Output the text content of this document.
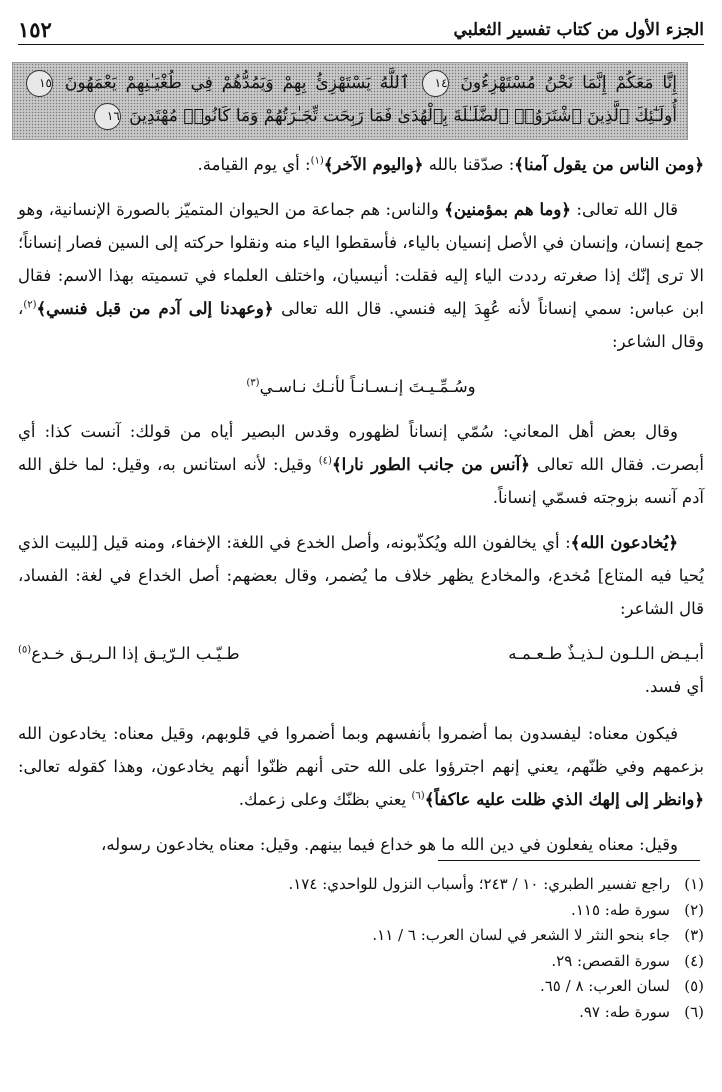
الجزء الأول من كتاب تفسير الثعلبي
١٥٢
إِنَّا مَعَكُمْ إِنَّمَا نَحْنُ مُسْتَهْزِءُونَ ١٤ ٱللَّهُ يَسْتَهْزِئُ بِهِمْ وَيَمُدُّهُمْ فِي طُغْيَـٰنِهِمْ يَعْمَهُونَ ١٥ أُولَـٰٓئِكَ ٱلَّذِينَ ٱشْتَرَوُا۟ ٱلضَّلَـٰلَةَ بِٱلْهُدَىٰ فَمَا رَبِحَت تِّجَـٰرَتُهُمْ وَمَا كَانُوا۟ مُهْتَدِينَ ١٦

﴿ومن الناس من يقول آمنا﴾: صدّقنا بالله ﴿واليوم الآخر﴾$^{(١)}$: أي يوم القيامة.

قال الله تعالى: ﴿وما هم بمؤمنين﴾ والناس: هم جماعة من الحيوان المتميّز بالصورة الإنسانية، وهو جمع إنسان، وإنسان في الأصل إنسيان بالياء، فأسقطوا الياء منه ونقلوا حركته إلى السين فصار إنساناً؛ الا ترى إنّك إذا صغرته رددت الياء إليه فقلت: أنيسيان، واختلف العلماء في تسميته بهذا الاسم: فقال ابن عباس: سمي إنساناً لأنه عُهِدَ إليه فنسي. قال الله تعالى ﴿وعهدنا إلى آدم من قبل فنسي﴾$^{(٢)}$، وقال الشاعر:

وسُـمِّـيـتَ إنـسـانـاً لأنـك نـاسـي$^{(٣)}$

وقال بعض أهل المعاني: سُمّي إنساناً لظهوره وقدس البصير أياه من قولك: آنست كذا: أي أبصرت. فقال الله تعالى ﴿آنس من جانب الطور نارا﴾$^{(٤)}$ وقيل: لأنه استانس به، وقيل: لما خلق الله آدم آنسه بزوجته فسمّي إنساناً.

﴿يُخادعون الله﴾: أي يخالفون الله ويُكذّبونه، وأصل الخدع في اللغة: الإخفاء، ومنه قيل [للبيت الذي يُحيا فيه المتاع] مُخدع، والمخادع يظهر خلاف ما يُضمر، وقال بعضهم: أصل الخداع في لغة: الفساد، قال الشاعر:

أبـيـض الـلـون لـذيـذٌ طـعـمـه
طـيّـب الـرّيـق إذا الـريـق خـدع$^{(٥)}$

أي فسد.

فيكون معناه: ليفسدون بما أضمروا بأنفسهم وبما أضمروا في قلوبهم، وقيل معناه: يخادعون الله بزعمهم وفي ظنّهم، يعني إنهم اجترؤوا على الله حتى أنهم ظنّوا أنهم يخادعون، وهذا كقوله تعالى: ﴿وانظر إلى إلهك الذي ظلت عليه عاكفاً﴾$^{(٦)}$ يعني بظنّك وعلى زعمك.

وقيل: معناه يفعلون في دين الله ما هو خداع فيما بينهم. وقيل: معناه يخادعون رسوله،

(١)
راجع تفسير الطبري: ١٠ / ٢٤٣؛ وأسباب النزول للواحدي: ١٧٤.
(٢)
سورة طه: ١١٥.
(٣)
جاء بنحو النثر لا الشعر في لسان العرب: ٦ / ١١.
(٤)
سورة القصص: ٢٩.
(٥)
لسان العرب: ٨ / ٦٥.
(٦)
سورة طه: ٩٧.
